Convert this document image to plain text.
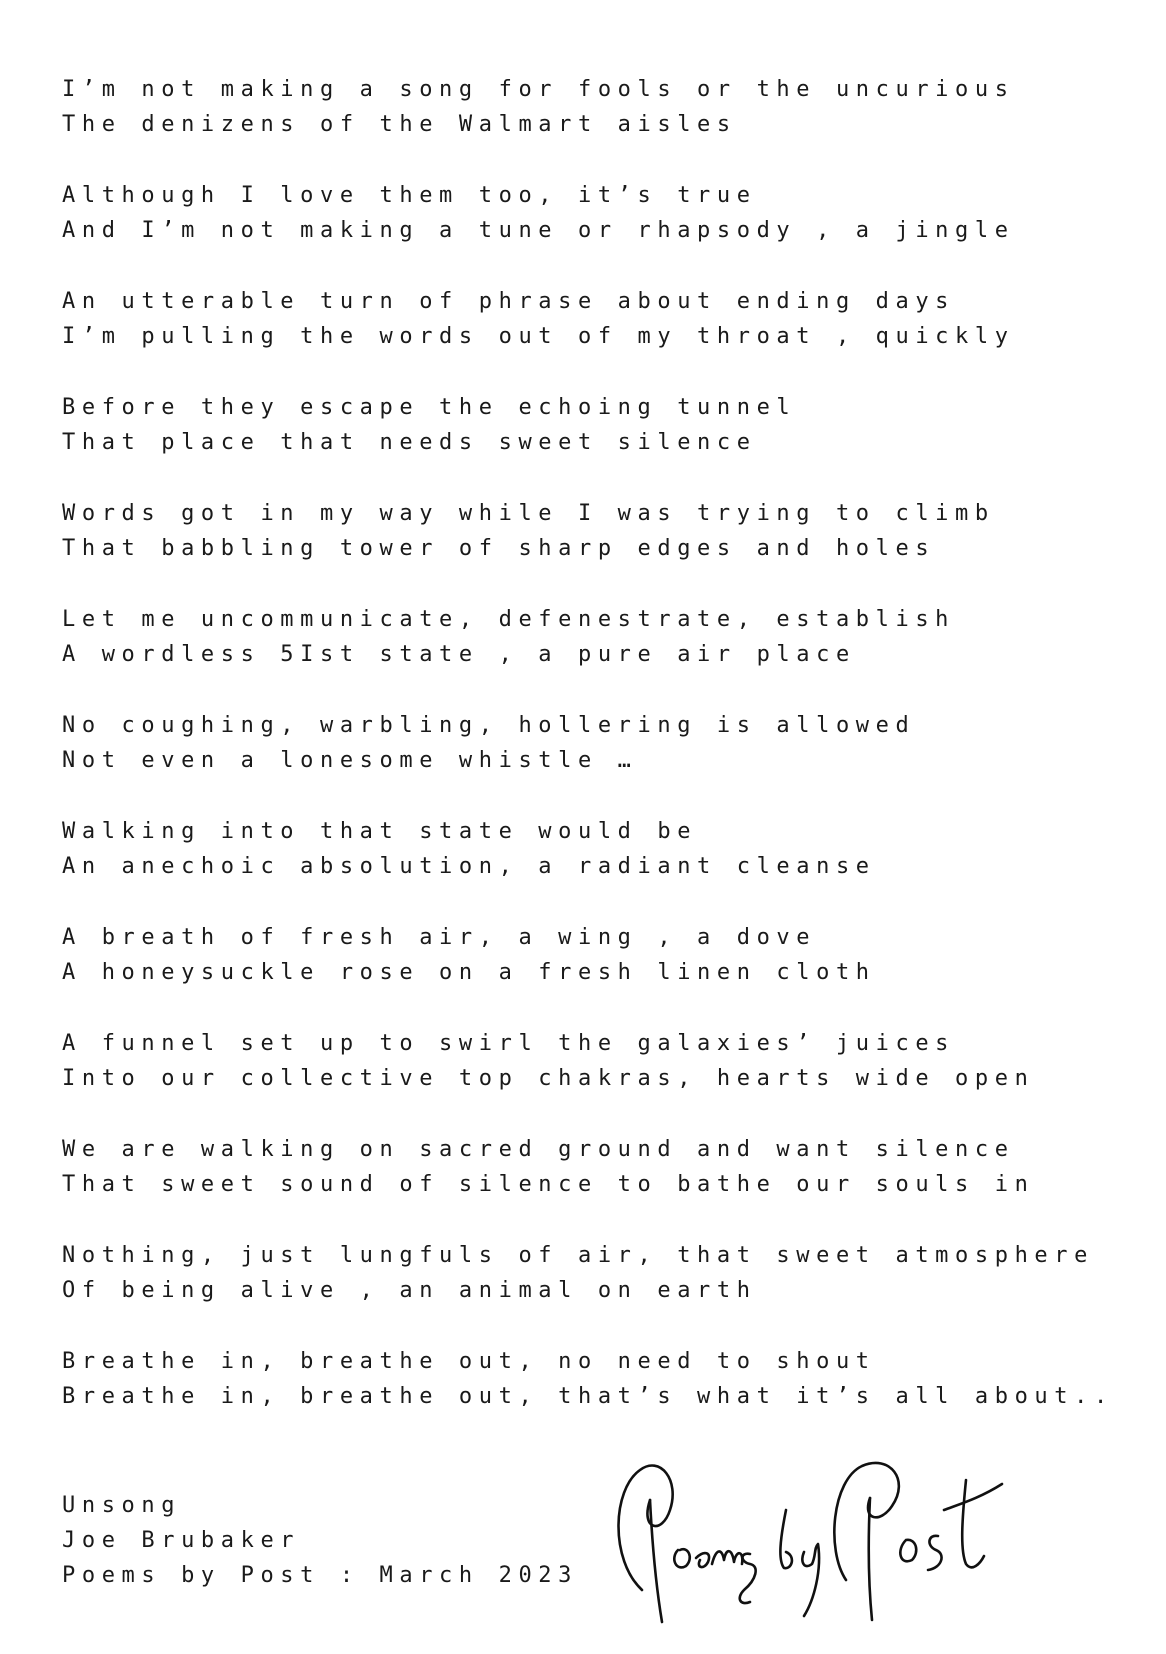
I’m not making a song for fools or the uncurious
The denizens of the Walmart aisles
Although I love them too, it’s true
And I’m not making a tune or rhapsody , a jingle
An utterable turn of phrase about ending days
I’m pulling the words out of my throat , quickly
Before they escape the echoing tunnel
That place that needs sweet silence
Words got in my way while I was trying to climb
That babbling tower of sharp edges and holes
Let me uncommunicate, defenestrate, establish
A wordless 5Ist state , a pure air place
No coughing, warbling, hollering is allowed
Not even a lonesome whistle …
Walking into that state would be
An anechoic absolution, a radiant cleanse
A breath of fresh air, a wing , a dove
A honeysuckle rose on a fresh linen cloth
A funnel set up to swirl the galaxies’ juices
Into our collective top chakras, hearts wide open
We are walking on sacred ground and want silence
That sweet sound of silence to bathe our souls in
Nothing, just lungfuls of air, that sweet atmosphere
Of being alive , an animal on earth
Breathe in, breathe out, no need to shout
Breathe in, breathe out, that’s what it’s all about..
Unsong
Joe Brubaker
Poems by Post : March 2023
